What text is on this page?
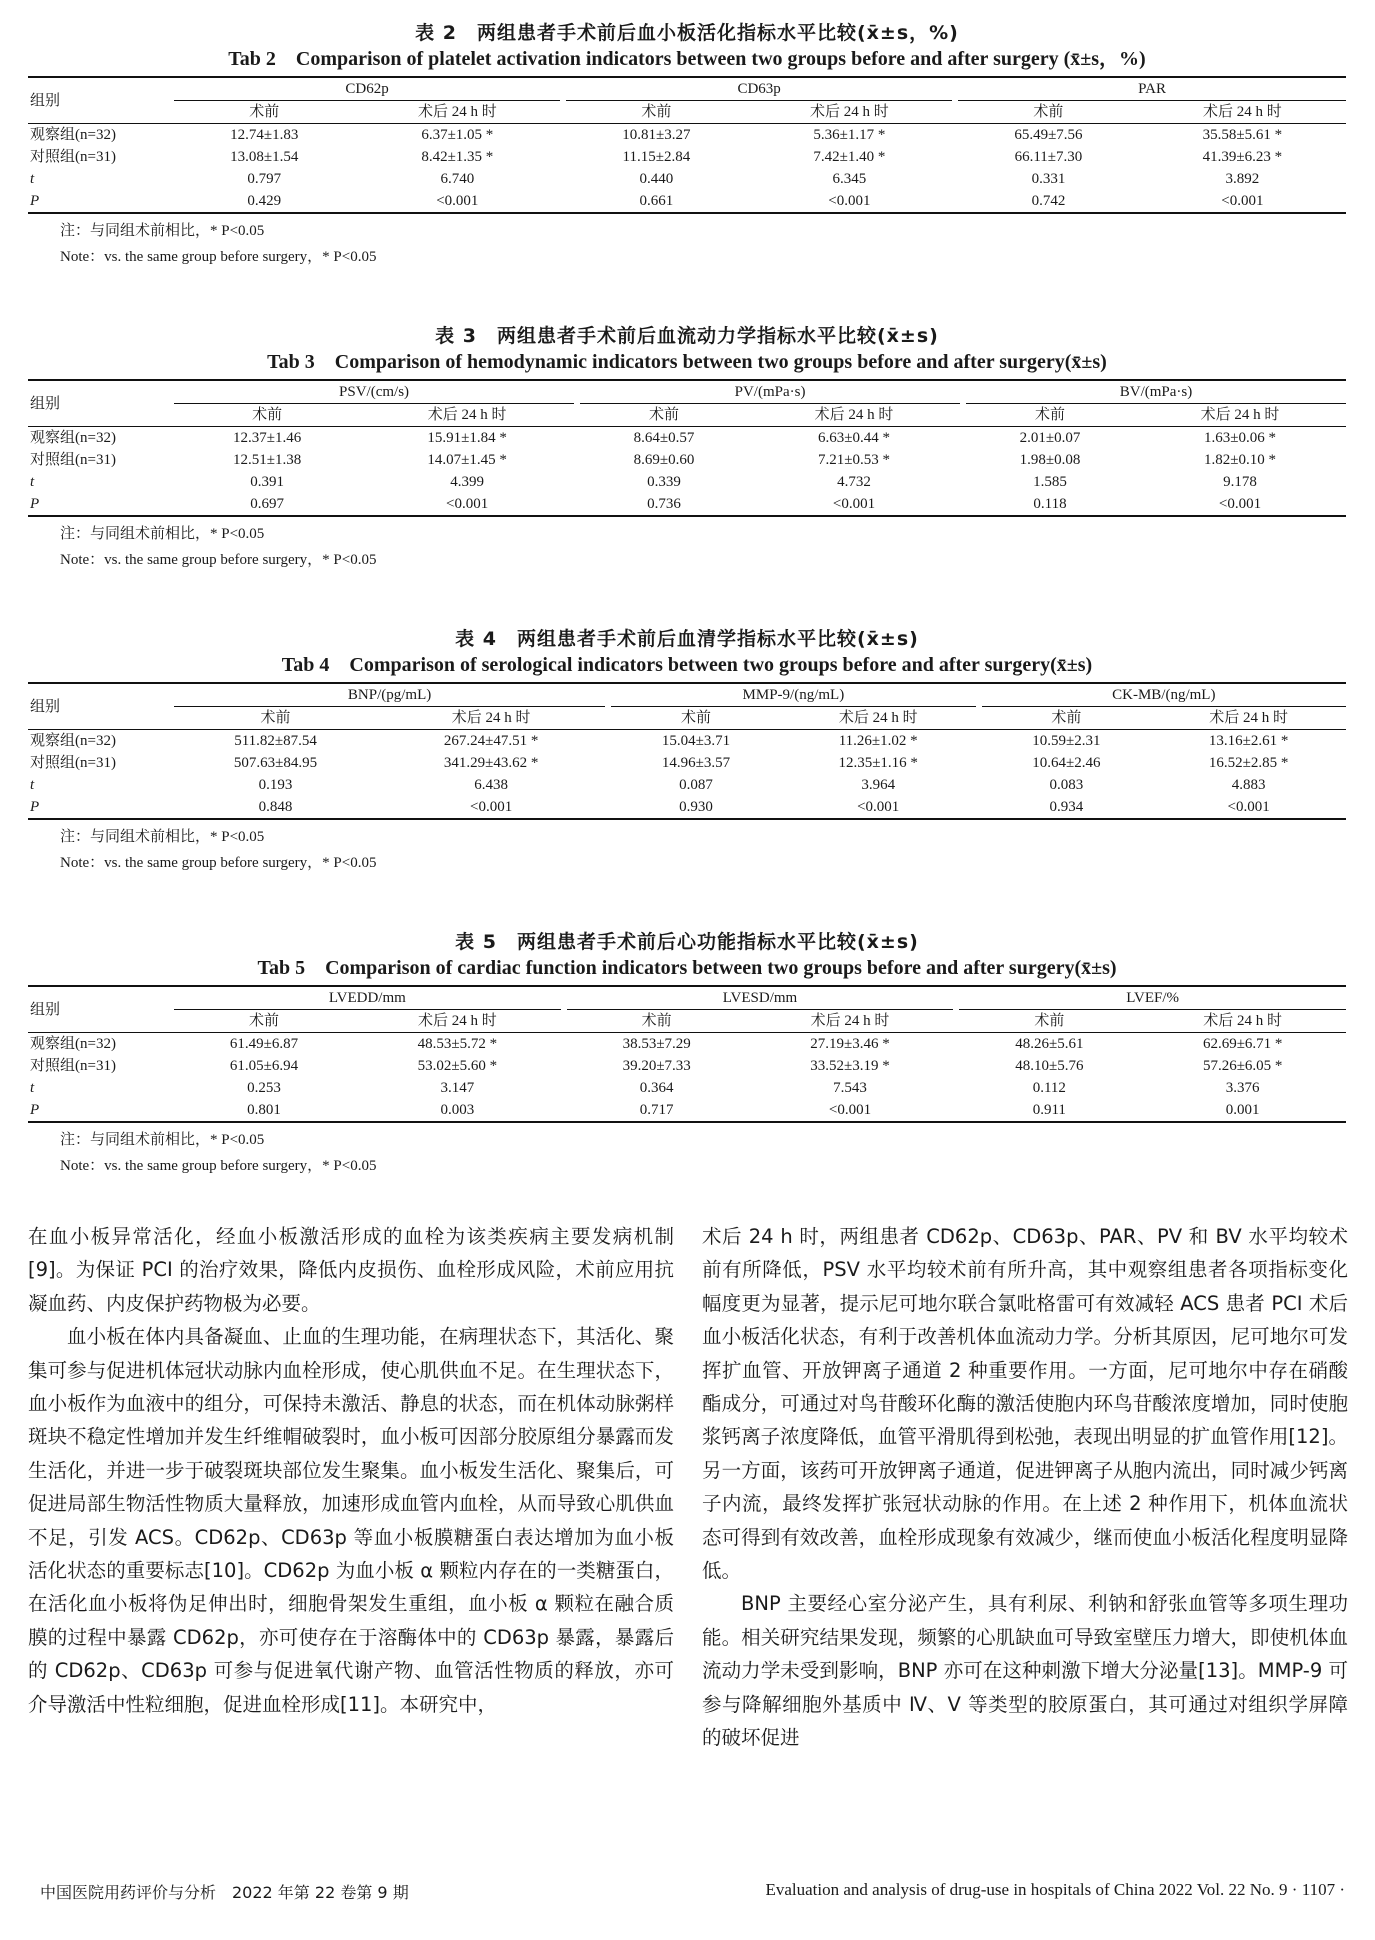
表 2　两组患者手术前后血小板活化指标水平比较(x̄±s，%)
Tab 2　Comparison of platelet activation indicators between two groups before and after surgery (x̄±s，%)
组别	CD62p			CD63p			PAR	
	术前	术后 24 h 时		术前	术后 24 h 时		术前	术后 24 h 时
观察组(n=32)	12.74±1.83	6.37±1.05 *		10.81±3.27	5.36±1.17 *		65.49±7.56	35.58±5.61 *
对照组(n=31)	13.08±1.54	8.42±1.35 *		11.15±2.84	7.42±1.40 *		66.11±7.30	41.39±6.23 *
t	0.797	6.740		0.440	6.345		0.331	3.892
P	0.429	<0.001		0.661	<0.001		0.742	<0.001
注：与同组术前相比，* P<0.05
Note：vs. the same group before surgery，* P<0.05
表 3　两组患者手术前后血流动力学指标水平比较(x̄±s)
Tab 3　Comparison of hemodynamic indicators between two groups before and after surgery(x̄±s)
组别	PSV/(cm/s)			PV/(mPa·s)			BV/(mPa·s)	
	术前	术后 24 h 时		术前	术后 24 h 时		术前	术后 24 h 时
观察组(n=32)	12.37±1.46	15.91±1.84 *		8.64±0.57	6.63±0.44 *		2.01±0.07	1.63±0.06 *
对照组(n=31)	12.51±1.38	14.07±1.45 *		8.69±0.60	7.21±0.53 *		1.98±0.08	1.82±0.10 *
t	0.391	4.399		0.339	4.732		1.585	9.178
P	0.697	<0.001		0.736	<0.001		0.118	<0.001
注：与同组术前相比，* P<0.05
Note：vs. the same group before surgery，* P<0.05
表 4　两组患者手术前后血清学指标水平比较(x̄±s)
Tab 4　Comparison of serological indicators between two groups before and after surgery(x̄±s)
组别	BNP/(pg/mL)			MMP-9/(ng/mL)			CK-MB/(ng/mL)	
	术前	术后 24 h 时		术前	术后 24 h 时		术前	术后 24 h 时
观察组(n=32)	511.82±87.54	267.24±47.51 *		15.04±3.71	11.26±1.02 *		10.59±2.31	13.16±2.61 *
对照组(n=31)	507.63±84.95	341.29±43.62 *		14.96±3.57	12.35±1.16 *		10.64±2.46	16.52±2.85 *
t	0.193	6.438		0.087	3.964		0.083	4.883
P	0.848	<0.001		0.930	<0.001		0.934	<0.001
注：与同组术前相比，* P<0.05
Note：vs. the same group before surgery，* P<0.05
表 5　两组患者手术前后心功能指标水平比较(x̄±s)
Tab 5　Comparison of cardiac function indicators between two groups before and after surgery(x̄±s)
组别	LVEDD/mm			LVESD/mm			LVEF/%	
	术前	术后 24 h 时		术前	术后 24 h 时		术前	术后 24 h 时
观察组(n=32)	61.49±6.87	48.53±5.72 *		38.53±7.29	27.19±3.46 *		48.26±5.61	62.69±6.71 *
对照组(n=31)	61.05±6.94	53.02±5.60 *		39.20±7.33	33.52±3.19 *		48.10±5.76	57.26±6.05 *
t	0.253	3.147		0.364	7.543		0.112	3.376
P	0.801	0.003		0.717	<0.001		0.911	0.001
注：与同组术前相比，* P<0.05
Note：vs. the same group before surgery，* P<0.05

在血小板异常活化，经血小板激活形成的血栓为该类疾病主要发病机制[9]。为保证 PCI 的治疗效果，降低内皮损伤、血栓形成风险，术前应用抗凝血药、内皮保护药物极为必要。

血小板在体内具备凝血、止血的生理功能，在病理状态下，其活化、聚集可参与促进机体冠状动脉内血栓形成，使心肌供血不足。在生理状态下，血小板作为血液中的组分，可保持未激活、静息的状态，而在机体动脉粥样斑块不稳定性增加并发生纤维帽破裂时，血小板可因部分胶原组分暴露而发生活化，并进一步于破裂斑块部位发生聚集。血小板发生活化、聚集后，可促进局部生物活性物质大量释放，加速形成血管内血栓，从而导致心肌供血不足，引发 ACS。CD62p、CD63p 等血小板膜糖蛋白表达增加为血小板活化状态的重要标志[10]。CD62p 为血小板 α 颗粒内存在的一类糖蛋白，在活化血小板将伪足伸出时，细胞骨架发生重组，血小板 α 颗粒在融合质膜的过程中暴露 CD62p，亦可使存在于溶酶体中的 CD63p 暴露，暴露后的 CD62p、CD63p 可参与促进氧代谢产物、血管活性物质的释放，亦可介导激活中性粒细胞，促进血栓形成[11]。本研究中，

术后 24 h 时，两组患者 CD62p、CD63p、PAR、PV 和 BV 水平均较术前有所降低，PSV 水平均较术前有所升高，其中观察组患者各项指标变化幅度更为显著，提示尼可地尔联合氯吡格雷可有效减轻 ACS 患者 PCI 术后血小板活化状态，有利于改善机体血流动力学。分析其原因，尼可地尔可发挥扩血管、开放钾离子通道 2 种重要作用。一方面，尼可地尔中存在硝酸酯成分，可通过对鸟苷酸环化酶的激活使胞内环鸟苷酸浓度增加，同时使胞浆钙离子浓度降低，血管平滑肌得到松弛，表现出明显的扩血管作用[12]。另一方面，该药可开放钾离子通道，促进钾离子从胞内流出，同时减少钙离子内流，最终发挥扩张冠状动脉的作用。在上述 2 种作用下，机体血流状态可得到有效改善，血栓形成现象有效减少，继而使血小板活化程度明显降低。

BNP 主要经心室分泌产生，具有利尿、利钠和舒张血管等多项生理功能。相关研究结果发现，频繁的心肌缺血可导致室壁压力增大，即使机体血流动力学未受到影响，BNP 亦可在这种刺激下增大分泌量[13]。MMP-9 可参与降解细胞外基质中 Ⅳ、Ⅴ 等类型的胶原蛋白，其可通过对组织学屏障的破坏促进

中国医院用药评价与分析　2022 年第 22 卷第 9 期	Evaluation and analysis of drug-use in hospitals of China 2022 Vol. 22 No. 9 · 1107 ·
